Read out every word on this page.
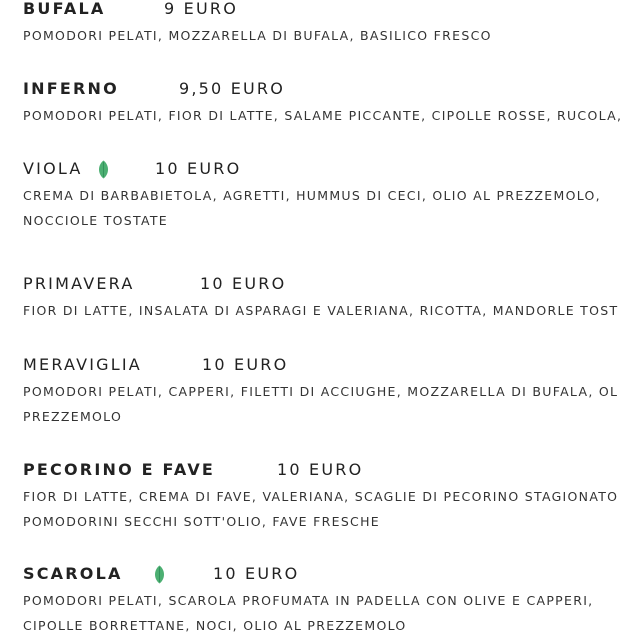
BUFALA	9 EURO
POMODORI PELATI, MOZZARELLA DI BUFALA, BASILICO FRESCO
INFERNO	9,50 EURO
POMODORI PELATI, FIOR DI LATTE, SALAME PICCANTE, CIPOLLE ROSSE, RUCOLA,
VIOLA	10 EURO
CREMA DI BARBABIETOLA, AGRETTI, HUMMUS DI CECI, OLIO AL PREZZEMOLO,
NOCCIOLE TOSTATE
PRIMAVERA	10 EURO
FIOR DI LATTE, INSALATA DI ASPARAGI E VALERIANA, RICOTTA, MANDORLE TOST
MERAVIGLIA	10 EURO
POMODORI PELATI, CAPPERI, FILETTI DI ACCIUGHE, MOZZARELLA DI BUFALA, OL
PREZZEMOLO
PECORINO E FAVE	10 EURO
FIOR DI LATTE, CREMA DI FAVE, VALERIANA, SCAGLIE DI PECORINO STAGIONATO
POMODORINI SECCHI SOTT'OLIO, FAVE FRESCHE
SCAROLA	10 EURO
POMODORI PELATI, SCAROLA PROFUMATA IN PADELLA CON OLIVE E CAPPERI,
CIPOLLE BORRETTANE, NOCI, OLIO AL PREZZEMOLO
